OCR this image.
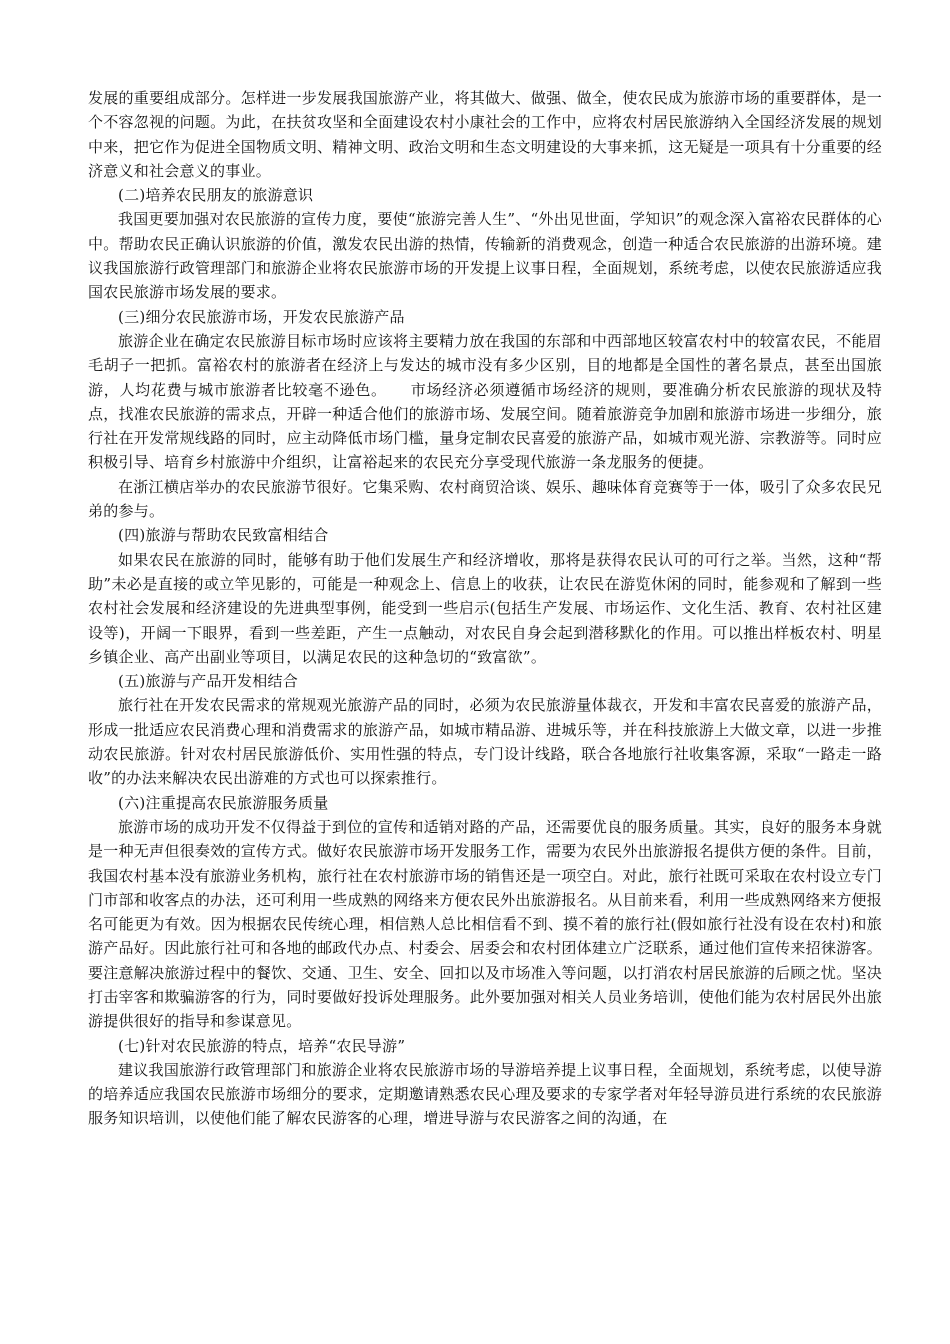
发展的重要组成部分。怎样进一步发展我国旅游产业，将其做大、做强、做全，使农民成为旅游市场的重要群体，是一个不容忽视的问题。为此，在扶贫攻坚和全面建设农村小康社会的工作中，应将农村居民旅游纳入全国经济发展的规划中来，把它作为促进全国物质文明、精神文明、政治文明和生态文明建设的大事来抓，这无疑是一项具有十分重要的经济意义和社会意义的事业。

(二)培养农民朋友的旅游意识

我国更要加强对农民旅游的宣传力度，要使“旅游完善人生”、“外出见世面，学知识”的观念深入富裕农民群体的心中。帮助农民正确认识旅游的价值，激发农民出游的热情，传输新的消费观念，创造一种适合农民旅游的出游环境。建议我国旅游行政管理部门和旅游企业将农民旅游市场的开发提上议事日程，全面规划，系统考虑，以使农民旅游适应我国农民旅游市场发展的要求。

(三)细分农民旅游市场，开发农民旅游产品

旅游企业在确定农民旅游目标市场时应该将主要精力放在我国的东部和中西部地区较富农村中的较富农民，不能眉毛胡子一把抓。富裕农村的旅游者在经济上与发达的城市没有多少区别，目的地都是全国性的著名景点，甚至出国旅游，人均花费与城市旅游者比较毫不逊色。　　市场经济必须遵循市场经济的规则，要准确分析农民旅游的现状及特点，找准农民旅游的需求点，开辟一种适合他们的旅游市场、发展空间。随着旅游竞争加剧和旅游市场进一步细分，旅行社在开发常规线路的同时，应主动降低市场门槛，量身定制农民喜爱的旅游产品，如城市观光游、宗教游等。同时应积极引导、培育乡村旅游中介组织，让富裕起来的农民充分享受现代旅游一条龙服务的便捷。

在浙江横店举办的农民旅游节很好。它集采购、农村商贸洽谈、娱乐、趣味体育竞赛等于一体，吸引了众多农民兄弟的参与。

(四)旅游与帮助农民致富相结合

如果农民在旅游的同时，能够有助于他们发展生产和经济增收，那将是获得农民认可的可行之举。当然，这种“帮助”未必是直接的或立竿见影的，可能是一种观念上、信息上的收获，让农民在游览休闲的同时，能参观和了解到一些农村社会发展和经济建设的先进典型事例，能受到一些启示(包括生产发展、市场运作、文化生活、教育、农村社区建设等)，开阔一下眼界，看到一些差距，产生一点触动，对农民自身会起到潜移默化的作用。可以推出样板农村、明星乡镇企业、高产出副业等项目，以满足农民的这种急切的“致富欲”。

(五)旅游与产品开发相结合

旅行社在开发农民需求的常规观光旅游产品的同时，必须为农民旅游量体裁衣，开发和丰富农民喜爱的旅游产品，形成一批适应农民消费心理和消费需求的旅游产品，如城市精品游、进城乐等，并在科技旅游上大做文章，以进一步推动农民旅游。针对农村居民旅游低价、实用性强的特点，专门设计线路，联合各地旅行社收集客源，采取“一路走一路收”的办法来解决农民出游难的方式也可以探索推行。

(六)注重提高农民旅游服务质量

旅游市场的成功开发不仅得益于到位的宣传和适销对路的产品，还需要优良的服务质量。其实，良好的服务本身就是一种无声但很奏效的宣传方式。做好农民旅游市场开发服务工作，需要为农民外出旅游报名提供方便的条件。目前，我国农村基本没有旅游业务机构，旅行社在农村旅游市场的销售还是一项空白。对此，旅行社既可采取在农村设立专门门市部和收客点的办法，还可利用一些成熟的网络来方便农民外出旅游报名。从目前来看，利用一些成熟网络来方便报名可能更为有效。因为根据农民传统心理，相信熟人总比相信看不到、摸不着的旅行社(假如旅行社没有设在农村)和旅游产品好。因此旅行社可和各地的邮政代办点、村委会、居委会和农村团体建立广泛联系，通过他们宣传来招徕游客。要注意解决旅游过程中的餐饮、交通、卫生、安全、回扣以及市场准入等问题，以打消农村居民旅游的后顾之忧。坚决打击宰客和欺骗游客的行为，同时要做好投诉处理服务。此外要加强对相关人员业务培训，使他们能为农村居民外出旅游提供很好的指导和参谋意见。

(七)针对农民旅游的特点，培养“农民导游”

建议我国旅游行政管理部门和旅游企业将农民旅游市场的导游培养提上议事日程，全面规划，系统考虑，以使导游的培养适应我国农民旅游市场细分的要求，定期邀请熟悉农民心理及要求的专家学者对年轻导游员进行系统的农民旅游服务知识培训，以使他们能了解农民游客的心理，增进导游与农民游客之间的沟通，在
